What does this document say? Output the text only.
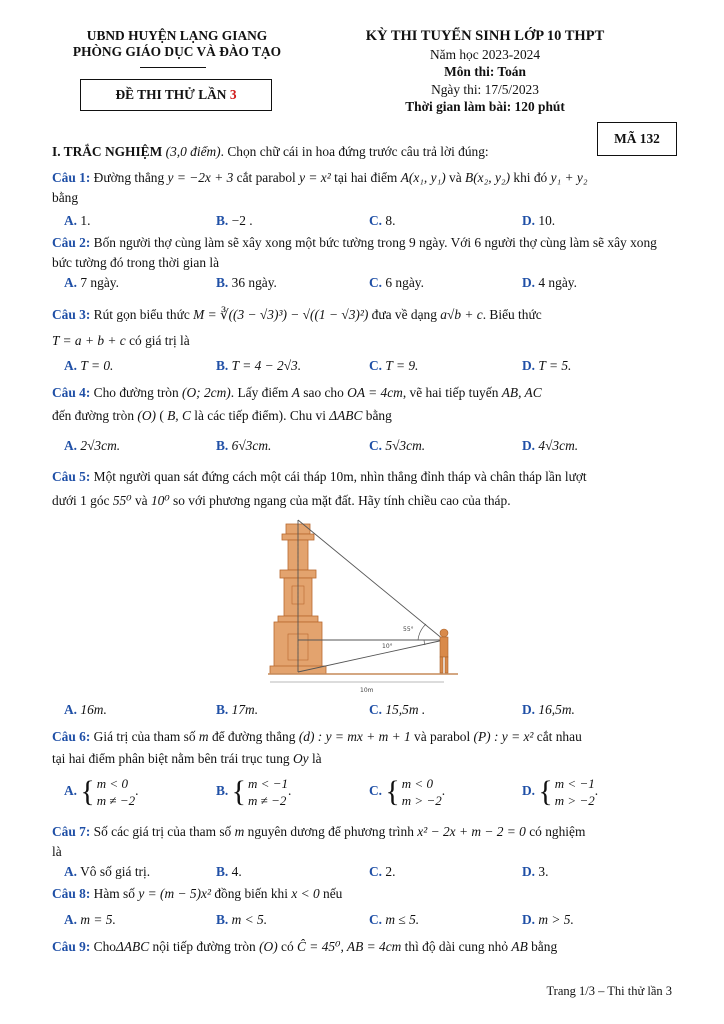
UBND HUYỆN LẠNG GIANG
PHÒNG GIÁO DỤC VÀ ĐÀO TẠO
ĐỀ THI THỬ LẦN 3
KỲ THI TUYỂN SINH LỚP 10 THPT
Năm học 2023-2024
Môn thi: Toán
Ngày thi: 17/5/2023
Thời gian làm bài: 120 phút
MÃ 132
I. TRẮC NGHIỆM (3,0 điểm). Chọn chữ cái in hoa đứng trước câu trả lời đúng:
Câu 1: Đường thẳng y = −2x + 3 cắt parabol y = x² tại hai điểm A(x₁, y₁) và B(x₂, y₂) khi đó y₁ + y₂
bằng
A. 1.	B. −2 .	C. 8.	D. 10.
Câu 2: Bốn người thợ cùng làm sẽ xây xong một bức tường trong 9 ngày. Với 6 người thợ cùng làm sẽ xây xong bức tường đó trong thời gian là
A. 7 ngày.	B. 36 ngày.	C. 6 ngày.	D. 4 ngày.
Câu 3: Rút gọn biểu thức M = ∛((3 − √3)³) − √((1 − √3)²) đưa về dạng a√b + c. Biểu thức
T = a + b + c có giá trị là
A. T = 0.	B. T = 4 − 2√3.	C. T = 9.	D. T = 5.
Câu 4: Cho đường tròn (O; 2cm). Lấy điểm A sao cho OA = 4cm, vẽ hai tiếp tuyến AB, AC
đến đường tròn (O) ( B, C là các tiếp điểm). Chu vi ΔABC bằng
A. 2√3cm.	B. 6√3cm.	C. 5√3cm.	D. 4√3cm.
Câu 5: Một người quan sát đứng cách một cái tháp 10m, nhìn thẳng đỉnh tháp và chân tháp lần lượt
dưới 1 góc 55⁰ và 10⁰ so với phương ngang của mặt đất. Hãy tính chiều cao của tháp.
55°
10°
10m
A. 16m.	B. 17m.	C. 15,5m .	D. 16,5m.
Câu 6: Giá trị của tham số m để đường thẳng (d) : y = mx + m + 1 và parabol (P) : y = x² cắt nhau
tại hai điểm phân biệt nằm bên trái trục tung Oy là
A. { m < 0
m ≠ −2.	B. { m < −1
m ≠ −2.	C. { m < 0
m > −2.	D. { m < −1
m > −2.
Câu 7: Số các giá trị của tham số m nguyên dương để phương trình x² − 2x + m − 2 = 0 có nghiệm
là
A. Vô số giá trị.	B. 4.	C. 2.	D. 3.
Câu 8: Hàm số y = (m − 5)x² đồng biến khi x < 0 nếu
A. m = 5.	B. m < 5.	C. m ≤ 5.	D. m > 5.
Câu 9: ChoΔABC nội tiếp đường tròn (O) có Ĉ = 45⁰, AB = 4cm thì độ dài cung nhỏ AB bằng
Trang 1/3 – Thi thử lần 3
